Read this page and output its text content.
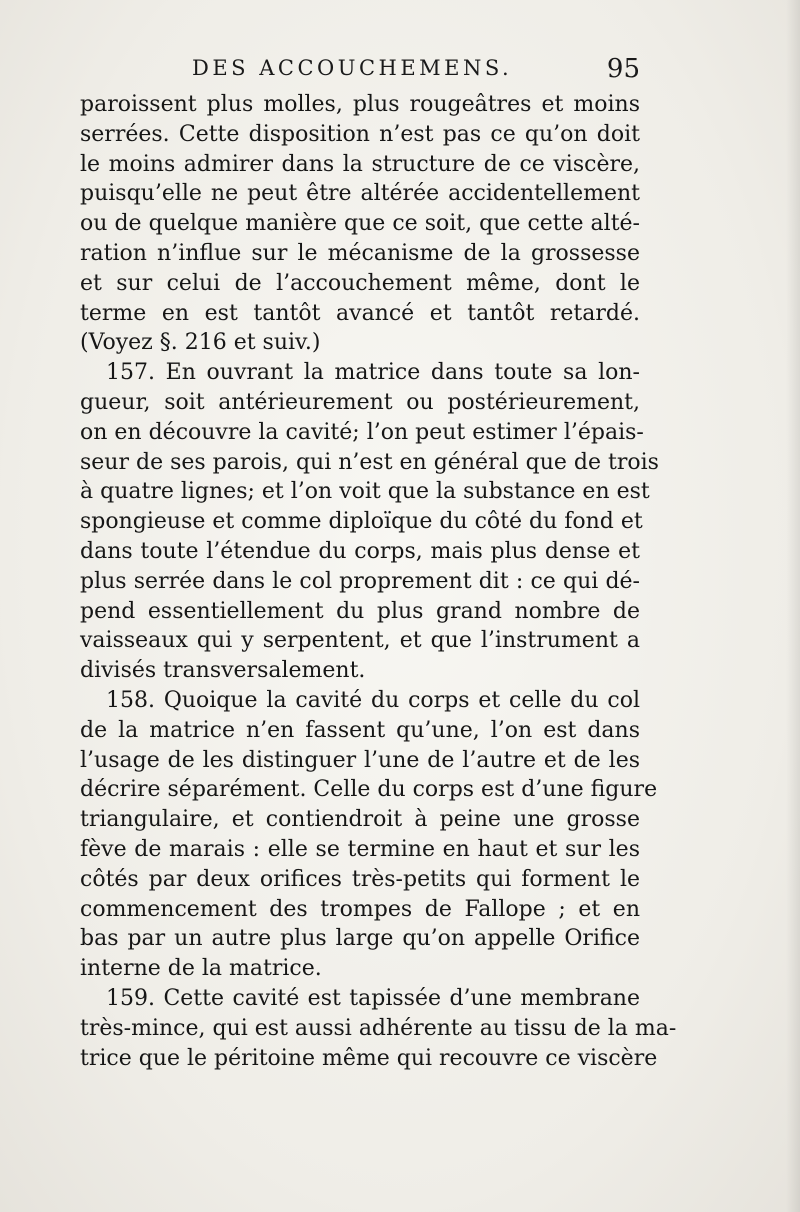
DES ACCOUCHEMENS.	95
paroissent plus molles, plus rougeâtres et moins
serrées. Cette disposition n’est pas ce qu’on doit
le moins admirer dans la structure de ce viscère,
puisqu’elle ne peut être altérée accidentellement
ou de quelque manière que ce soit, que cette alté-
ration n’influe sur le mécanisme de la grossesse
et sur celui de l’accouchement même, dont le
terme en est tantôt avancé et tantôt retardé.
(Voyez §. 216 et suiv.)
157. En ouvrant la matrice dans toute sa lon-
gueur, soit antérieurement ou postérieurement,
on en découvre la cavité; l’on peut estimer l’épais-
seur de ses parois, qui n’est en général que de trois
à quatre lignes; et l’on voit que la substance en est
spongieuse et comme diploïque du côté du fond et
dans toute l’étendue du corps, mais plus dense et
plus serrée dans le col proprement dit : ce qui dé-
pend essentiellement du plus grand nombre de
vaisseaux qui y serpentent, et que l’instrument a
divisés transversalement.
158. Quoique la cavité du corps et celle du col
de la matrice n’en fassent qu’une, l’on est dans
l’usage de les distinguer l’une de l’autre et de les
décrire séparément. Celle du corps est d’une figure
triangulaire, et contiendroit à peine une grosse
fève de marais : elle se termine en haut et sur les
côtés par deux orifices très-petits qui forment le
commencement des trompes de Fallope ; et en
bas par un autre plus large qu’on appelle Orifice
interne de la matrice.
159. Cette cavité est tapissée d’une membrane
très-mince, qui est aussi adhérente au tissu de la ma-
trice que le péritoine même qui recouvre ce viscère
